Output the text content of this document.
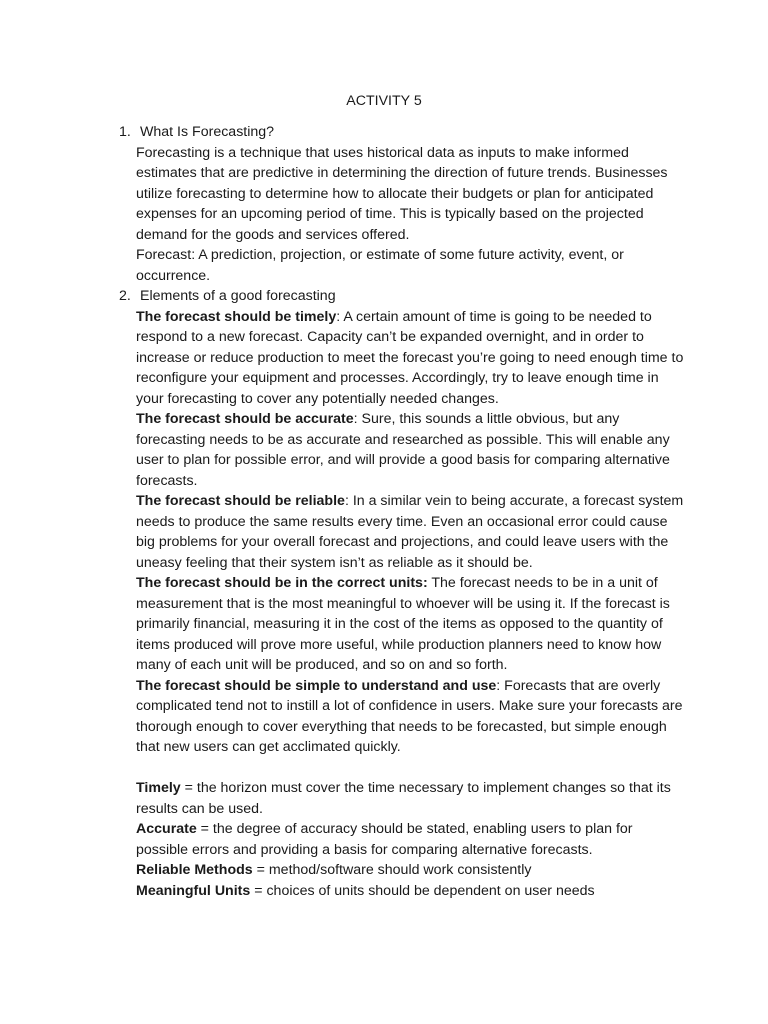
ACTIVITY 5
1. What Is Forecasting?
Forecasting is a technique that uses historical data as inputs to make informed estimates that are predictive in determining the direction of future trends. Businesses utilize forecasting to determine how to allocate their budgets or plan for anticipated expenses for an upcoming period of time. This is typically based on the projected demand for the goods and services offered.
Forecast: A prediction, projection, or estimate of some future activity, event, or occurrence.
2. Elements of a good forecasting
The forecast should be timely: A certain amount of time is going to be needed to respond to a new forecast. Capacity can’t be expanded overnight, and in order to increase or reduce production to meet the forecast you’re going to need enough time to reconfigure your equipment and processes. Accordingly, try to leave enough time in your forecasting to cover any potentially needed changes.
The forecast should be accurate: Sure, this sounds a little obvious, but any forecasting needs to be as accurate and researched as possible. This will enable any user to plan for possible error, and will provide a good basis for comparing alternative forecasts.
The forecast should be reliable: In a similar vein to being accurate, a forecast system needs to produce the same results every time. Even an occasional error could cause big problems for your overall forecast and projections, and could leave users with the uneasy feeling that their system isn’t as reliable as it should be.
The forecast should be in the correct units: The forecast needs to be in a unit of measurement that is the most meaningful to whoever will be using it. If the forecast is primarily financial, measuring it in the cost of the items as opposed to the quantity of items produced will prove more useful, while production planners need to know how many of each unit will be produced, and so on and so forth.
The forecast should be simple to understand and use: Forecasts that are overly complicated tend not to instill a lot of confidence in users. Make sure your forecasts are thorough enough to cover everything that needs to be forecasted, but simple enough that new users can get acclimated quickly.
Timely = the horizon must cover the time necessary to implement changes so that its results can be used.
Accurate = the degree of accuracy should be stated, enabling users to plan for possible errors and providing a basis for comparing alternative forecasts.
Reliable Methods = method/software should work consistently
Meaningful Units = choices of units should be dependent on user needs
